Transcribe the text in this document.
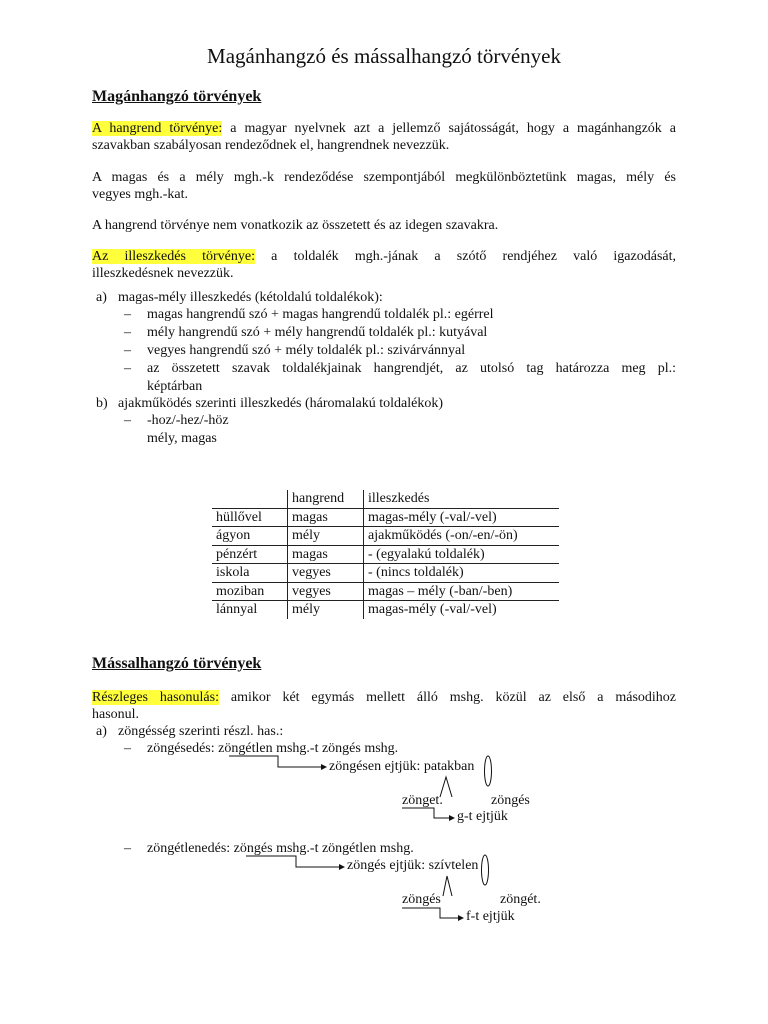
Magánhangzó és mássalhangzó törvények
Magánhangzó törvények
A hangrend törvénye: a magyar nyelvnek azt a jellemző sajátosságát, hogy a magánhangzók a
szavakban szabályosan rendeződnek el, hangrendnek nevezzük.
A magas és a mély mgh.-k rendeződése szempontjából megkülönböztetünk magas, mély és
vegyes mgh.-kat.
A hangrend törvénye nem vonatkozik az összetett és az idegen szavakra.
Az illeszkedés törvénye: a toldalék mgh.-jának a szótő rendjéhez való igazodását,
illeszkedésnek nevezzük.
a) magas-mély illeszkedés (kétoldalú toldalékok):
– magas hangrendű szó + magas hangrendű toldalék pl.: egérrel
– mély hangrendű szó + mély hangrendű toldalék pl.: kutyával
– vegyes hangrendű szó + mély toldalék pl.: szivárvánnyal
– az összetett szavak toldalékjainak hangrendjét, az utolsó tag határozza meg pl.:
képtárban
b) ajakműködés szerinti illeszkedés (háromalakú toldalékok)
– -hoz/-hez/-höz
mély, magas
	hangrend	illeszkedés
hüllővel	magas	magas-mély (-val/-vel)
ágyon	mély	ajakműködés (-on/-en/-ön)
pénzért	magas	- (egyalakú toldalék)
iskola	vegyes	- (nincs toldalék)
moziban	vegyes	magas – mély (-ban/-ben)
lánnyal	mély	magas-mély (-val/-vel)
Mássalhangzó törvények
Részleges hasonulás: amikor két egymás mellett álló mshg. közül az első a másodihoz
hasonul.
a) zöngésség szerinti részl. has.:
– zöngésedés: zöngétlen mshg.-t zöngés mshg.
zöngésen ejtjük: patakban
zönget.	zöngés
g-t ejtjük
– zöngétlenedés: zöngés mshg.-t zöngétlen mshg.
zöngés ejtjük: szívtelen
zöngés	zöngét.
f-t ejtjük
